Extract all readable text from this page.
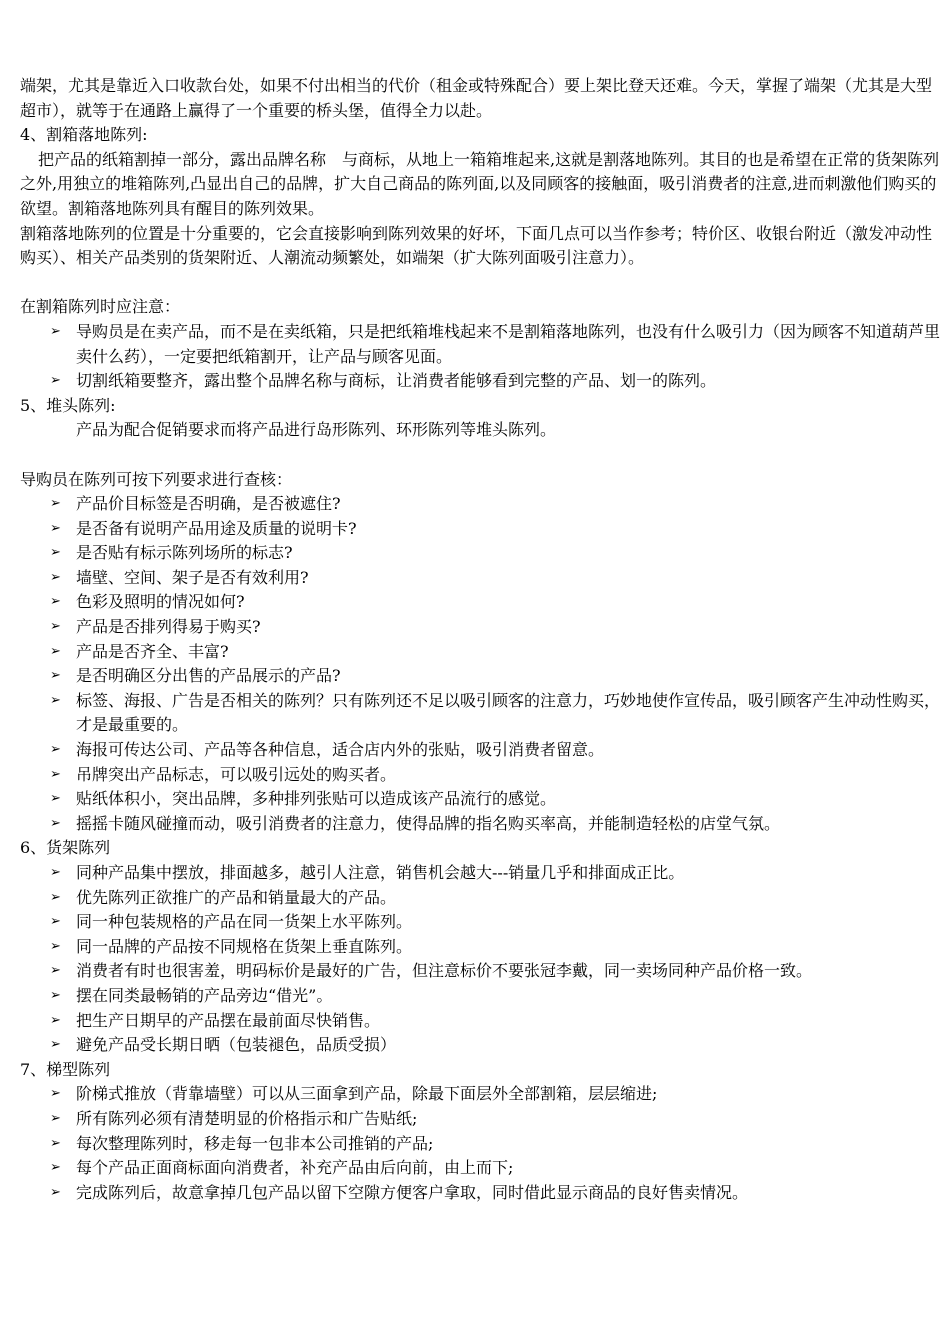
端架，尤其是靠近入口收款台处，如果不付出相当的代价（租金或特殊配合）要上架比登天还难。今天，掌握了端架（尤其是大型超市），就等于在通路上赢得了一个重要的桥头堡，值得全力以赴。

4、割箱落地陈列:

把产品的纸箱割掉一部分，露出品牌名称　与商标，从地上一箱箱堆起来,这就是割落地陈列。其目的也是希望在正常的货架陈列之外,用独立的堆箱陈列,凸显出自己的品牌，扩大自己商品的陈列面,以及同顾客的接触面，吸引消费者的注意,进而刺激他们购买的欲望。割箱落地陈列具有醒目的陈列效果。

割箱落地陈列的位置是十分重要的，它会直接影响到陈列效果的好坏，下面几点可以当作参考；特价区、收银台附近（激发冲动性购买）、相关产品类别的货架附近、人潮流动频繁处，如端架（扩大陈列面吸引注意力）。

在割箱陈列时应注意：

➢ 导购员是在卖产品，而不是在卖纸箱，只是把纸箱堆栈起来不是割箱落地陈列，也没有什么吸引力（因为顾客不知道葫芦里卖什么药），一定要把纸箱割开，让产品与顾客见面。
➢ 切割纸箱要整齐，露出整个品牌名称与商标，让消费者能够看到完整的产品、划一的陈列。

5、堆头陈列:

产品为配合促销要求而将产品进行岛形陈列、环形陈列等堆头陈列。

导购员在陈列可按下列要求进行查核：

➢ 产品价目标签是否明确，是否被遮住?
➢ 是否备有说明产品用途及质量的说明卡?
➢ 是否贴有标示陈列场所的标志?
➢ 墙壁、空间、架子是否有效利用?
➢ 色彩及照明的情况如何?
➢ 产品是否排列得易于购买?
➢ 产品是否齐全、丰富?
➢ 是否明确区分出售的产品展示的产品?
➢ 标签、海报、广告是否相关的陈列？只有陈列还不足以吸引顾客的注意力，巧妙地使作宣传品，吸引顾客产生冲动性购买，才是最重要的。
➢ 海报可传达公司、产品等各种信息，适合店内外的张贴，吸引消费者留意。
➢ 吊牌突出产品标志，可以吸引远处的购买者。
➢ 贴纸体积小，突出品牌，多种排列张贴可以造成该产品流行的感觉。
➢ 摇摇卡随风碰撞而动，吸引消费者的注意力，使得品牌的指名购买率高，并能制造轻松的店堂气氛。

6、货架陈列

➢ 同种产品集中摆放，排面越多，越引人注意，销售机会越大---销量几乎和排面成正比。
➢ 优先陈列正欲推广的产品和销量最大的产品。
➢ 同一种包装规格的产品在同一货架上水平陈列。
➢ 同一品牌的产品按不同规格在货架上垂直陈列。
➢ 消费者有时也很害羞，明码标价是最好的广告，但注意标价不要张冠李戴，同一卖场同种产品价格一致。
➢ 摆在同类最畅销的产品旁边“借光”。
➢ 把生产日期早的产品摆在最前面尽快销售。
➢ 避免产品受长期日晒（包装褪色，品质受损）

7、梯型陈列

➢ 阶梯式推放（背靠墙壁）可以从三面拿到产品，除最下面层外全部割箱，层层缩进;
➢ 所有陈列必须有清楚明显的价格指示和广告贴纸;
➢ 每次整理陈列时，移走每一包非本公司推销的产品;
➢ 每个产品正面商标面向消费者，补充产品由后向前，由上而下;
➢ 完成陈列后，故意拿掉几包产品以留下空隙方便客户拿取，同时借此显示商品的良好售卖情况。
